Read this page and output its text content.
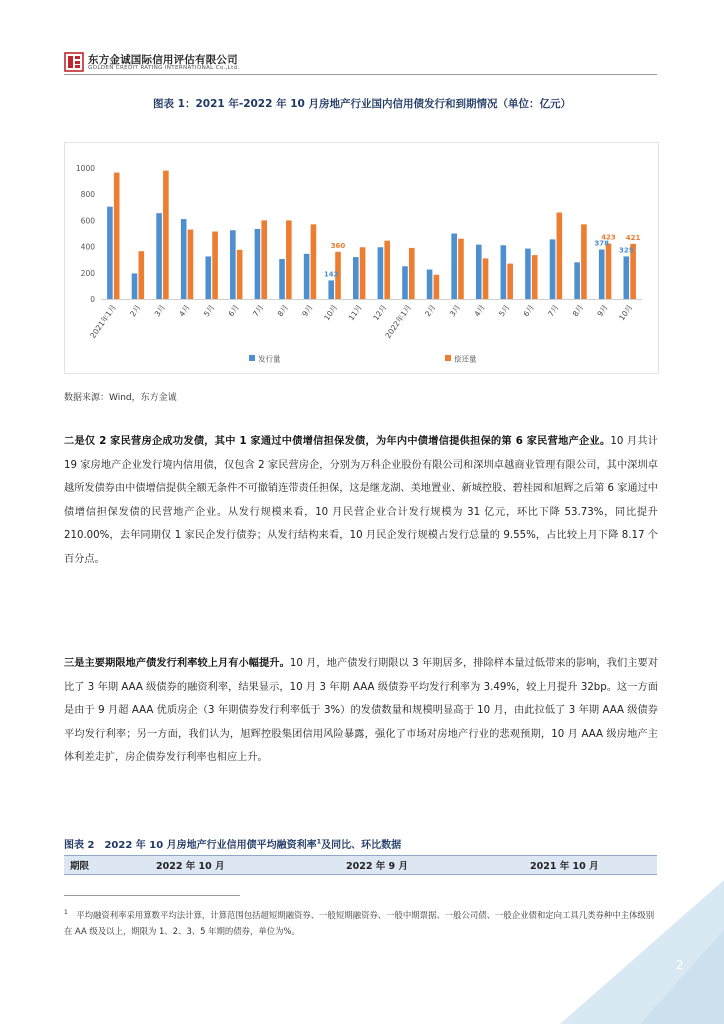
东方金诚国际信用评估有限公司
GOLDEN CREDIT RATING INTERNATIONAL Co.,Ltd.
图表 1：2021 年-2022 年 10 月房地产行业国内信用债发行和到期情况（单位：亿元）
0
200
400
600
800
1000
142
360	378
423
325
421
2021年1月 2月 3月 4月 5月 6月 7月 8月 9月 10月 11月 12月
2022年1月 2月 3月 4月 5月 6月 7月 8月 9月 10月
发行量	偿还量
数据来源：Wind，东方金诚
二是仅 2 家民营房企成功发债，其中 1 家通过中债增信担保发债，为年内中债增信提供担保的第 6 家民营地产企业。10 月共计 19 家房地产企业发行境内信用债，仅包含 2 家民营房企，分别为万科企业股份有限公司和深圳卓越商业管理有限公司，其中深圳卓越所发债券由中债增信提供全额无条件不可撤销连带责任担保，这是继龙湖、美地置业、新城控股、碧桂园和旭辉之后第 6 家通过中债增信担保发债的民营地产企业。从发行规模来看，10 月民营企业合计发行规模为 31 亿元，环比下降 53.73%，同比提升 210.00%，去年同期仅 1 家民企发行债券；从发行结构来看，10 月民企发行规模占发行总量的 9.55%，占比较上月下降 8.17 个百分点。
三是主要期限地产债发行利率较上月有小幅提升。10 月，地产债发行期限以 3 年期居多，排除样本量过低带来的影响，我们主要对比了 3 年期 AAA 级债券的融资利率，结果显示，10 月 3 年期 AAA 级债券平均发行利率为 3.49%，较上月提升 32bp。这一方面是由于 9 月超 AAA 优质房企（3 年期债券发行利率低于 3%）的发债数量和规模明显高于 10 月，由此拉低了 3 年期 AAA 级债券平均发行利率；另一方面，我们认为，旭辉控股集团信用风险暴露，强化了市场对房地产行业的悲观预期，10 月 AAA 级房地产主体利差走扩，房企债券发行利率也相应上升。
图表 2　2022 年 10 月房地产行业信用债平均融资利率$^1$及同比、环比数据
期限	2022 年 10 月	2022 年 9 月	2021 年 10 月
$^1$　 平均融资利率采用算数平均法计算，计算范围包括超短期融资券、一般短期融资券、一般中期票据、一般公司债、一般企业债和定向工具几类券种中主体级别在 AA 级及以上，期限为 1、2、3、5 年期的债券，单位为%。
2
